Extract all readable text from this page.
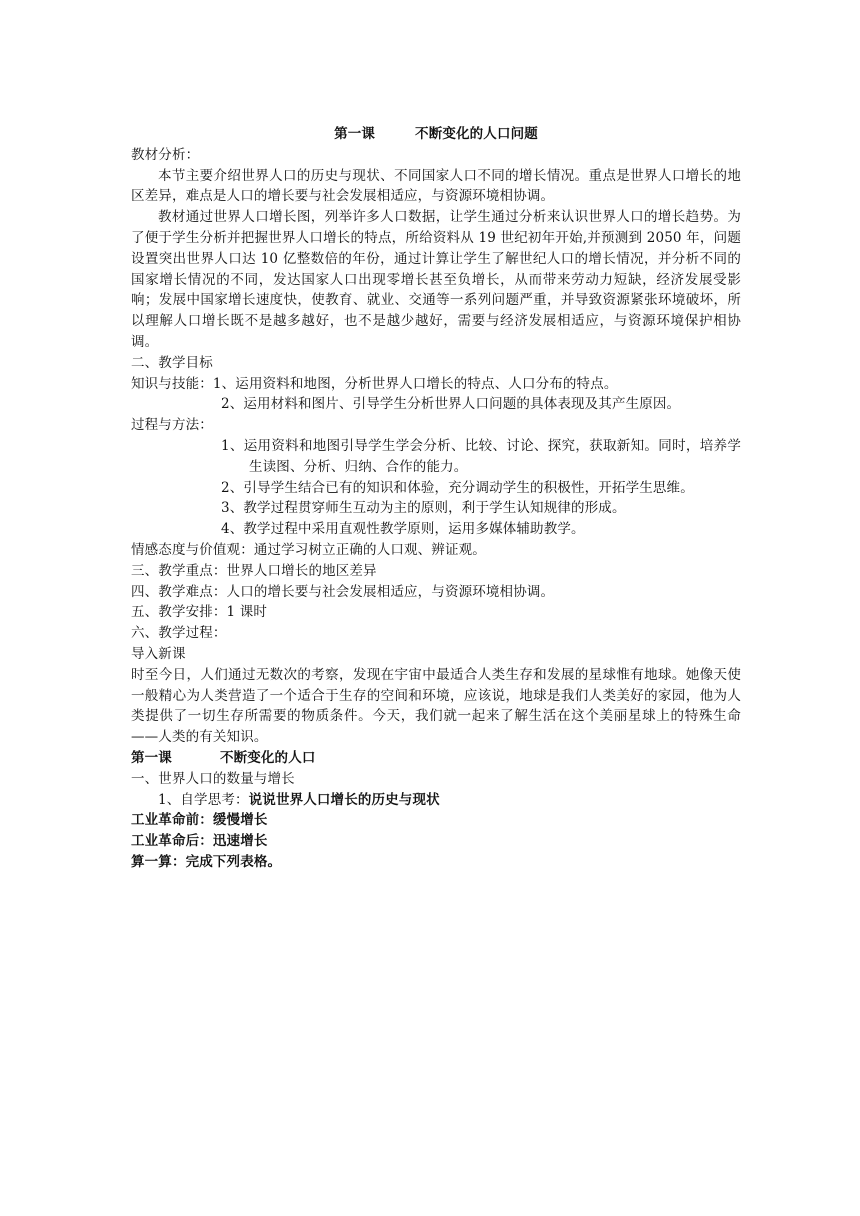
第一课	不断变化的人口问题

教材分析：

本节主要介绍世界人口的历史与现状、不同国家人口不同的增长情况。重点是世界人口增长的地区差异，难点是人口的增长要与社会发展相适应，与资源环境相协调。

教材通过世界人口增长图，列举许多人口数据，让学生通过分析来认识世界人口的增长趋势。为了便于学生分析并把握世界人口增长的特点，所给资料从 19 世纪初年开始,并预测到 2050 年，问题设置突出世界人口达 10 亿整数倍的年份，通过计算让学生了解世纪人口的增长情况，并分析不同的国家增长情况的不同，发达国家人口出现零增长甚至负增长，从而带来劳动力短缺，经济发展受影响；发展中国家增长速度快，使教育、就业、交通等一系列问题严重，并导致资源紧张环境破坏，所以理解人口增长既不是越多越好，也不是越少越好，需要与经济发展相适应，与资源环境保护相协调。

二、教学目标

知识与技能：1、运用资料和地图，分析世界人口增长的特点、人口分布的特点。

2、运用材料和图片、引导学生分析世界人口问题的具体表现及其产生原因。

过程与方法：

1、运用资料和地图引导学生学会分析、比较、讨论、探究，获取新知。同时，培养学生读图、分析、归纳、合作的能力。

2、引导学生结合已有的知识和体验，充分调动学生的积极性，开拓学生思维。

3、教学过程贯穿师生互动为主的原则，利于学生认知规律的形成。

4、教学过程中采用直观性教学原则，运用多媒体辅助教学。

情感态度与价值观：通过学习树立正确的人口观、辨证观。

三、教学重点：世界人口增长的地区差异

四、教学难点：人口的增长要与社会发展相适应，与资源环境相协调。

五、教学安排：1 课时

六、教学过程：

导入新课

时至今日，人们通过无数次的考察，发现在宇宙中最适合人类生存和发展的星球惟有地球。她像天使一般精心为人类营造了一个适合于生存的空间和环境，应该说，地球是我们人类美好的家园，他为人类提供了一切生存所需要的物质条件。今天，我们就一起来了解生活在这个美丽星球上的特殊生命——人类的有关知识。

第一课	不断变化的人口

一、世界人口的数量与增长

1、自学思考：说说世界人口增长的历史与现状

工业革命前：缓慢增长

工业革命后：迅速增长

算一算：完成下列表格。
